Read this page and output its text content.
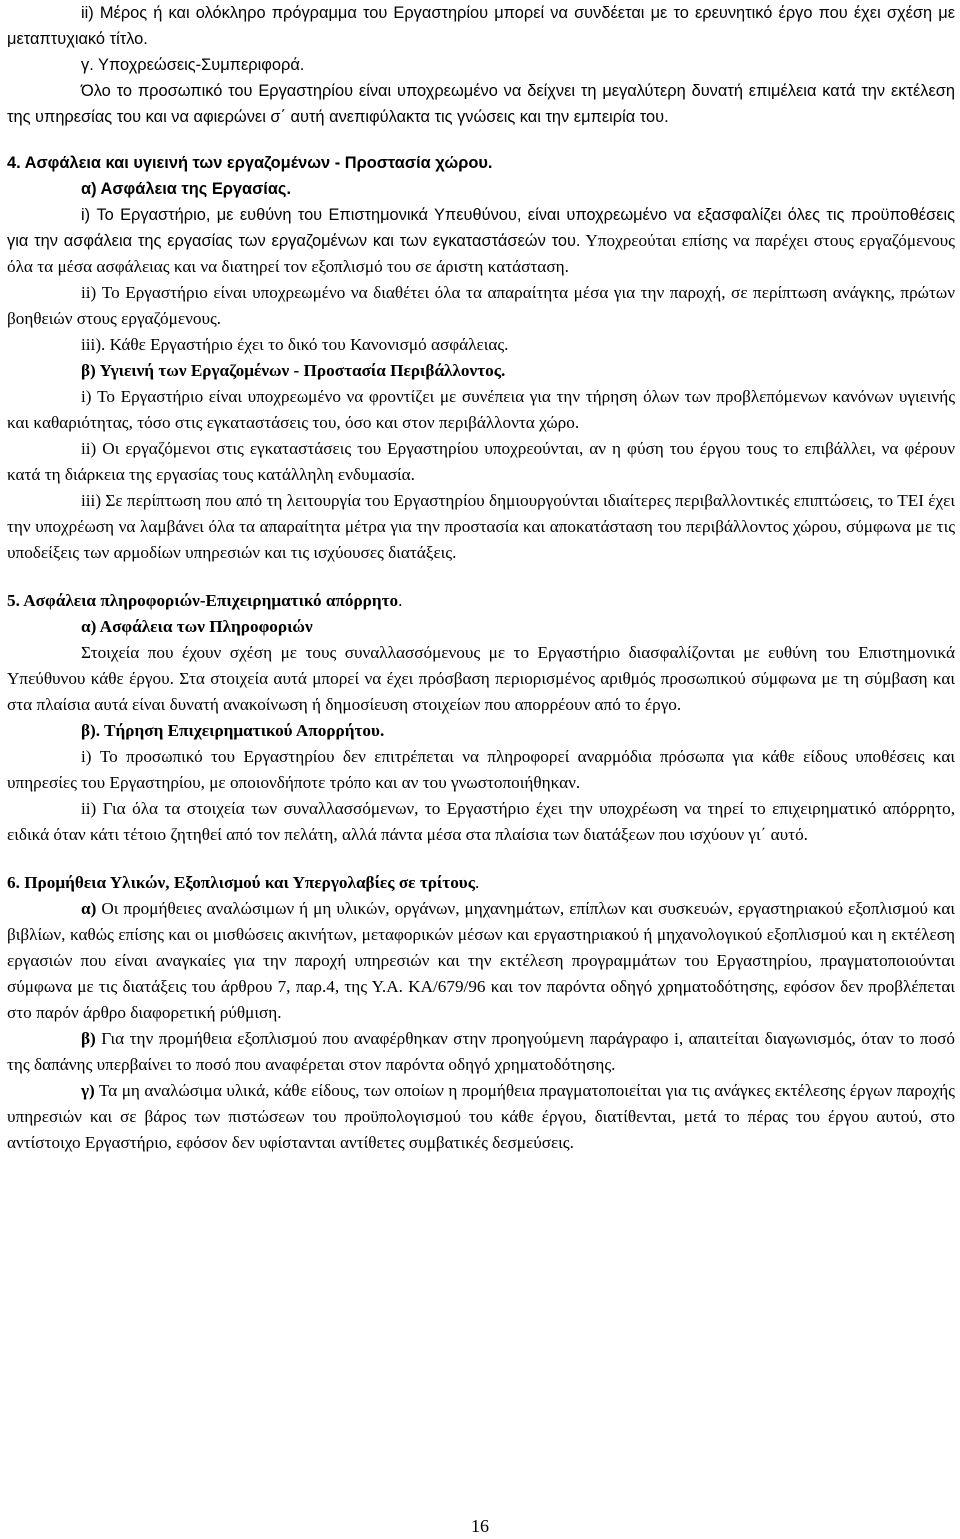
ii) Μέρος ή και ολόκληρο πρόγραμμα του Εργαστηρίου μπορεί να συνδέεται με το ερευνητικό έργο που έχει σχέση με μεταπτυχιακό τίτλο.

γ. Υποχρεώσεις-Συμπεριφορά.

Όλο το προσωπικό του Εργαστηρίου είναι υποχρεωμένο να δείχνει τη μεγαλύτερη δυνατή επιμέλεια κατά την εκτέλεση της υπηρεσίας του και να αφιερώνει σ΄ αυτή ανεπιφύλακτα τις γνώσεις και την εμπειρία του.

4. Ασφάλεια και υγιεινή των εργαζομένων - Προστασία χώρου.

α) Ασφάλεια της Εργασίας.

i) Το Εργαστήριο, με ευθύνη του Επιστημονικά Υπευθύνου, είναι υποχρεωμένο να εξασφαλίζει όλες τις προϋποθέσεις για την ασφάλεια της εργασίας των εργαζομένων και των εγκαταστάσεών του. Υποχρεούται επίσης να παρέχει στους εργαζόμενους όλα τα μέσα ασφάλειας και να διατηρεί τον εξοπλισμό του σε άριστη κατάσταση.

ii) Το Εργαστήριο είναι υποχρεωμένο να διαθέτει όλα τα απαραίτητα μέσα για την παροχή, σε περίπτωση ανάγκης, πρώτων βοηθειών στους εργαζόμενους.

iii). Κάθε Εργαστήριο έχει το δικό του Κανονισμό ασφάλειας.

β) Υγιεινή των Εργαζομένων - Προστασία Περιβάλλοντος.

i) Το Εργαστήριο είναι υποχρεωμένο να φροντίζει με συνέπεια για την τήρηση όλων των προβλεπόμενων κανόνων υγιεινής και καθαριότητας, τόσο στις εγκαταστάσεις του, όσο και στον περιβάλλοντα χώρο.

ii) Οι εργαζόμενοι στις εγκαταστάσεις του Εργαστηρίου υποχρεούνται, αν η φύση του έργου τους το επιβάλλει, να φέρουν κατά τη διάρκεια της εργασίας τους κατάλληλη ενδυμασία.

iii) Σε περίπτωση που από τη λειτουργία του Εργαστηρίου δημιουργούνται ιδιαίτερες περιβαλλοντικές επιπτώσεις, το ΤΕΙ έχει την υποχρέωση να λαμβάνει όλα τα απαραίτητα μέτρα για την προστασία και αποκατάσταση του περιβάλλοντος χώρου, σύμφωνα με τις υποδείξεις των αρμοδίων υπηρεσιών και τις ισχύουσες διατάξεις.

5. Ασφάλεια πληροφοριών-Επιχειρηματικό απόρρητο.

α) Ασφάλεια των Πληροφοριών

Στοιχεία που έχουν σχέση με τους συναλλασσόμενους με το Εργαστήριο διασφαλίζονται με ευθύνη του Επιστημονικά Υπεύθυνου κάθε έργου. Στα στοιχεία αυτά μπορεί να έχει πρόσβαση περιορισμένος αριθμός προσωπικού σύμφωνα με τη σύμβαση και στα πλαίσια αυτά είναι δυνατή ανακοίνωση ή δημοσίευση στοιχείων που απορρέουν από το έργο.

β). Τήρηση Επιχειρηματικού Απορρήτου.

i) Το προσωπικό του Εργαστηρίου δεν επιτρέπεται να πληροφορεί αναρμόδια πρόσωπα για κάθε είδους υποθέσεις και υπηρεσίες του Εργαστηρίου, με οποιονδήποτε τρόπο και αν του γνωστοποιήθηκαν.

ii) Για όλα τα στοιχεία των συναλλασσόμενων, το Εργαστήριο έχει την υποχρέωση να τηρεί το επιχειρηματικό απόρρητο, ειδικά όταν κάτι τέτοιο ζητηθεί από τον πελάτη, αλλά πάντα μέσα στα πλαίσια των διατάξεων που ισχύουν γι΄ αυτό.

6. Προμήθεια Υλικών, Εξοπλισμού και Υπεργολαβίες σε τρίτους.

α) Οι προμήθειες αναλώσιμων ή μη υλικών, οργάνων, μηχανημάτων, επίπλων και συσκευών, εργαστηριακού εξοπλισμού και βιβλίων, καθώς επίσης και οι μισθώσεις ακινήτων, μεταφορικών μέσων και εργαστηριακού ή μηχανολογικού εξοπλισμού και η εκτέλεση εργασιών που είναι αναγκαίες για την παροχή υπηρεσιών και την εκτέλεση προγραμμάτων του Εργαστηρίου, πραγματοποιούνται σύμφωνα με τις διατάξεις του άρθρου 7, παρ.4, της Υ.Α. ΚΑ/679/96 και τον παρόντα οδηγό χρηματοδότησης, εφόσον δεν προβλέπεται στο παρόν άρθρο διαφορετική ρύθμιση.

β) Για την προμήθεια εξοπλισμού που αναφέρθηκαν στην προηγούμενη παράγραφο i, απαιτείται διαγωνισμός, όταν το ποσό της δαπάνης υπερβαίνει το ποσό που αναφέρεται στον παρόντα οδηγό χρηματοδότησης.

γ) Τα μη αναλώσιμα υλικά, κάθε είδους, των οποίων η προμήθεια πραγματοποιείται για τις ανάγκες εκτέλεσης έργων παροχής υπηρεσιών και σε βάρος των πιστώσεων του προϋπολογισμού του κάθε έργου, διατίθενται, μετά το πέρας του έργου αυτού, στο αντίστοιχο Εργαστήριο, εφόσον δεν υφίστανται αντίθετες συμβατικές δεσμεύσεις.

16
